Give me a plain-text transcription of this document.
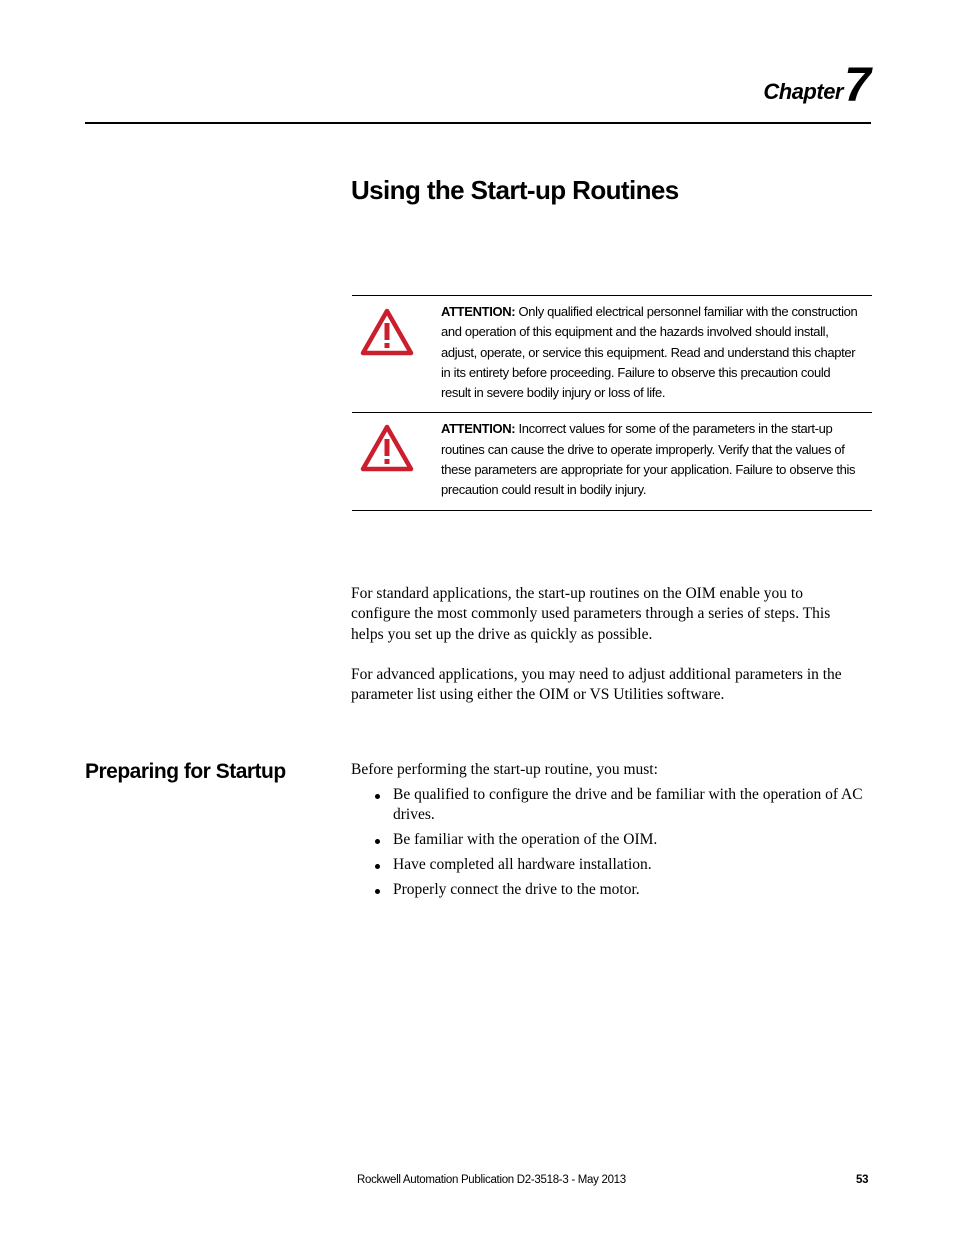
Chapter 7
Using the Start-up Routines
ATTENTION: Only qualified electrical personnel familiar with the construction and operation of this equipment and the hazards involved should install, adjust, operate, or service this equipment. Read and understand this chapter in its entirety before proceeding. Failure to observe this precaution could result in severe bodily injury or loss of life.
ATTENTION: Incorrect values for some of the parameters in the start-up routines can cause the drive to operate improperly. Verify that the values of these parameters are appropriate for your application. Failure to observe this precaution could result in bodily injury.

For standard applications, the start-up routines on the OIM enable you to configure the most commonly used parameters through a series of steps. This helps you set up the drive as quickly as possible.

For advanced applications, you may need to adjust additional parameters in the parameter list using either the OIM or VS Utilities software.

Preparing for Startup	Before performing the start-up routine, you must:

Be qualified to configure the drive and be familiar with the operation of AC drives.
Be familiar with the operation of the OIM.
Have completed all hardware installation.
Properly connect the drive to the motor.
Rockwell Automation Publication D2-3518-3 - May 2013	53
